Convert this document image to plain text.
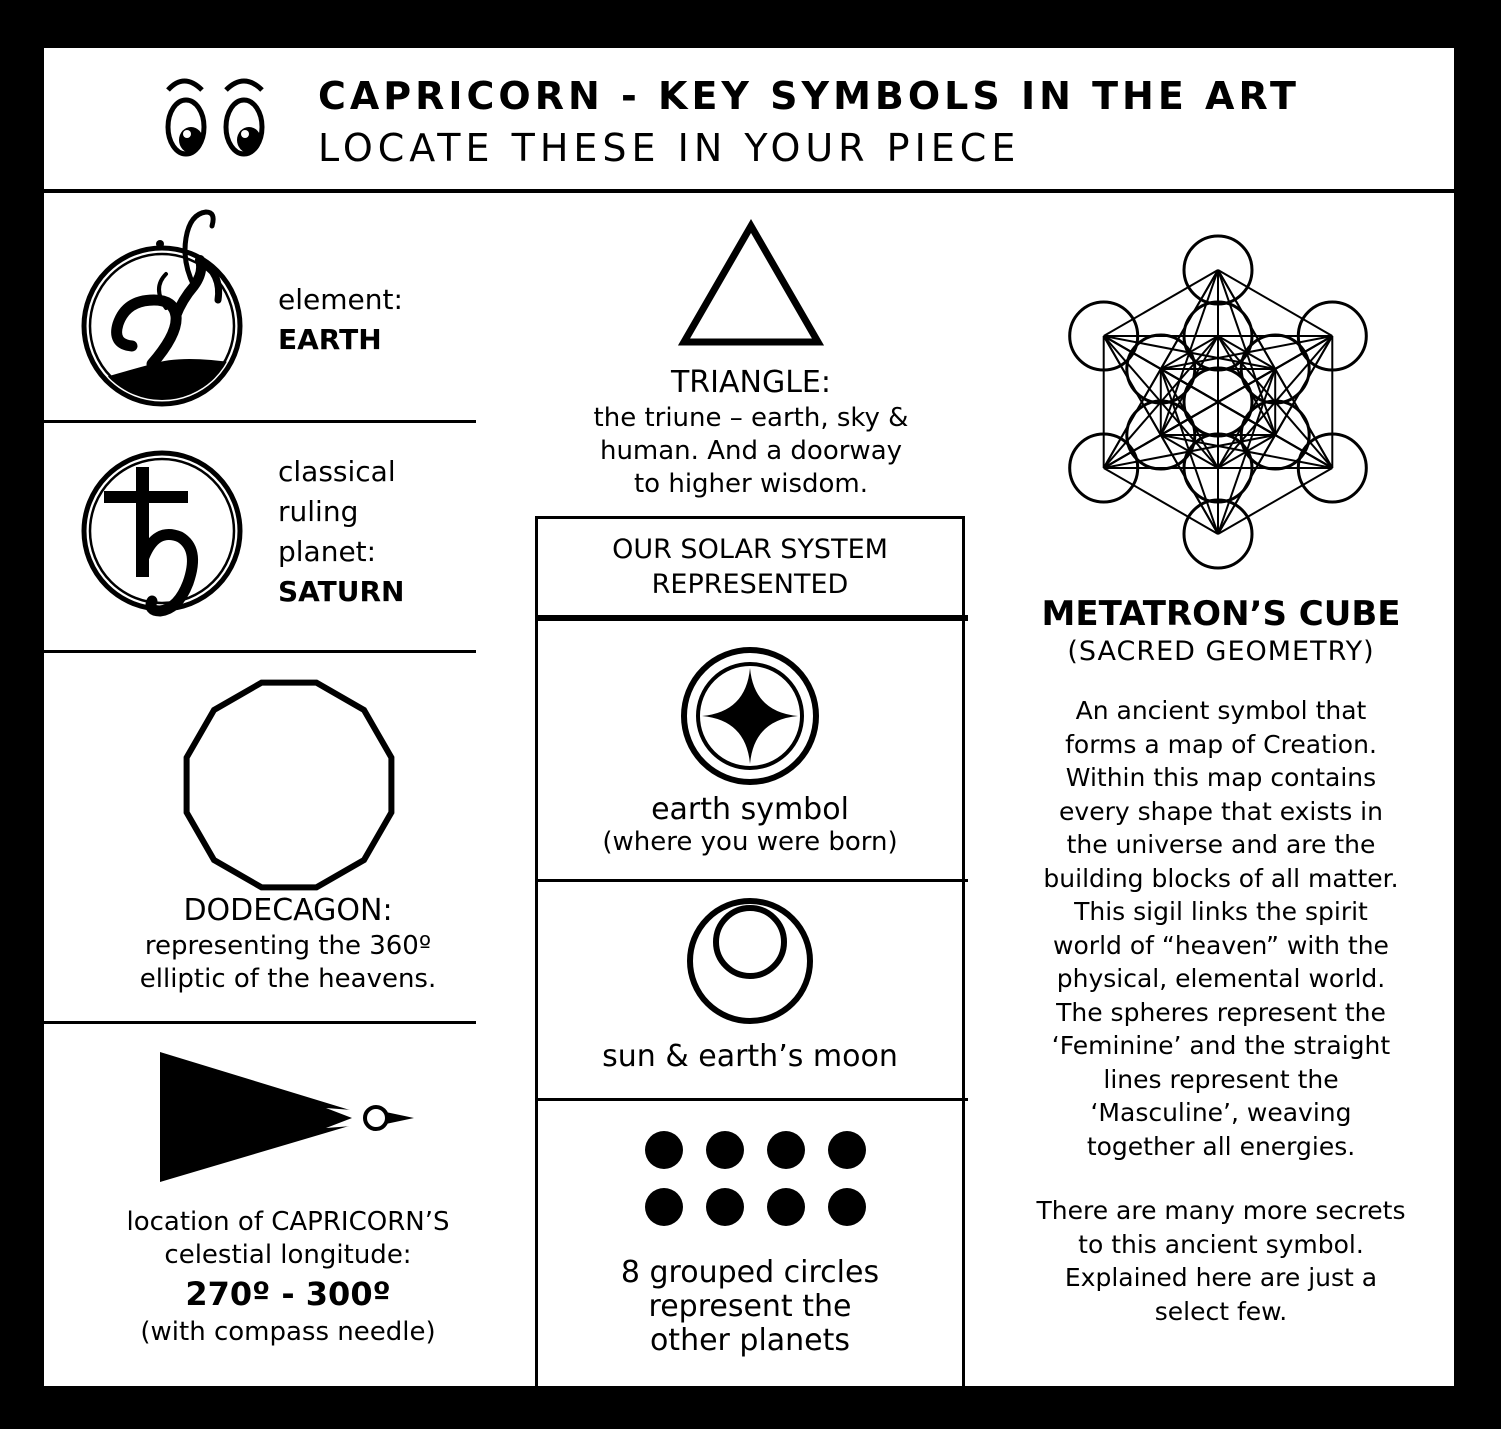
CAPRICORN - KEY SYMBOLS IN THE ART
LOCATE THESE IN YOUR PIECE
element:
EARTH
classical
ruling
planet:
SATURN
DODECAGON:
representing the 360º
elliptic of the heavens.
location of CAPRICORN’S
celestial longitude:
270º - 300º
(with compass needle)
TRIANGLE:
the triune – earth, sky &
human. And a doorway
to higher wisdom.
OUR SOLAR SYSTEM
REPRESENTED
earth symbol
(where you were born)
sun & earth’s moon
8 grouped circles
represent the
other planets
METATRON’S CUBE
(SACRED GEOMETRY)
An ancient symbol that
forms a map of Creation.
Within this map contains
every shape that exists in
the universe and are the
building blocks of all matter.
This sigil links the spirit
world of “heaven” with the
physical, elemental world.
The spheres represent the
‘Feminine’ and the straight
lines represent the
‘Masculine’, weaving
together all energies.
There are many more secrets
to this ancient symbol.
Explained here are just a
select few.
